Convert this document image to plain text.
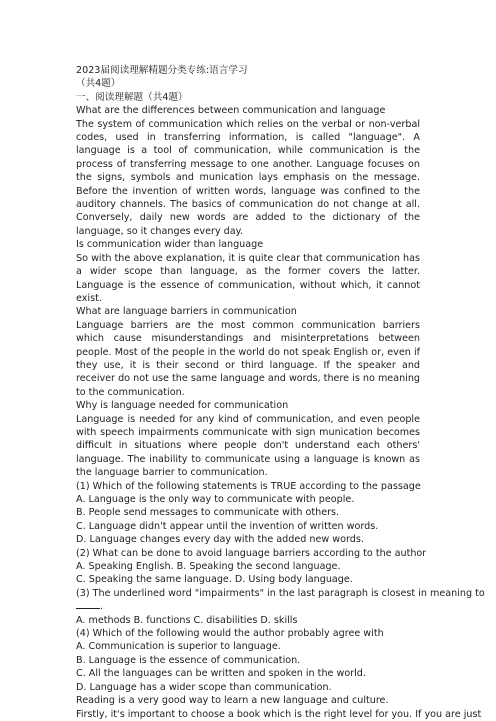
2023届阅读理解精题分类专练:语言学习
（共4题）
一、阅读理解题（共4题）
What are the differences between communication and language
The system of communication which relies on the verbal or non-verbal codes, used in transferring information, is called "language". A language is a tool of communication, while communication is the process of transferring message to one another. Language focuses on the signs, symbols and munication lays emphasis on the message. Before the invention of written words, language was confined to the auditory channels. The basics of communication do not change at all. Conversely, daily new words are added to the dictionary of the language, so it changes every day.
Is communication wider than language
So with the above explanation, it is quite clear that communication has a wider scope than language, as the former covers the latter. Language is the essence of communication, without which, it cannot exist.
What are language barriers in communication
Language barriers are the most common communication barriers which cause misunderstandings and misinterpretations between people. Most of the people in the world do not speak English or, even if they use, it is their second or third language. If the speaker and receiver do not use the same language and words, there is no meaning to the communication.
Why is language needed for communication
Language is needed for any kind of communication, and even people with speech impairments communicate with sign munication becomes difficult in situations where people don't understand each others' language. The inability to communicate using a language is known as the language barrier to communication.
(1) Which of the following statements is TRUE according to the passage
A. Language is the only way to communicate with people.
B. People send messages to communicate with others.
C. Language didn't appear until the invention of written words.
D. Language changes every day with the added new words.
(2) What can be done to avoid language barriers according to the author
A. Speaking English. B. Speaking the second language.
C. Speaking the same language. D. Using body language.
(3) The underlined word "impairments" in the last paragraph is closest in meaning to
.
A. methods B. functions C. disabilities D. skills
(4) Which of the following would the author probably agree with
A. Communication is superior to language.
B. Language is the essence of communication.
C. All the languages can be written and spoken in the world.
D. Language has a wider scope than communication.
Reading is a very good way to learn a new language and culture.
Firstly, it's important to choose a book which is the right level for you. If you are just
